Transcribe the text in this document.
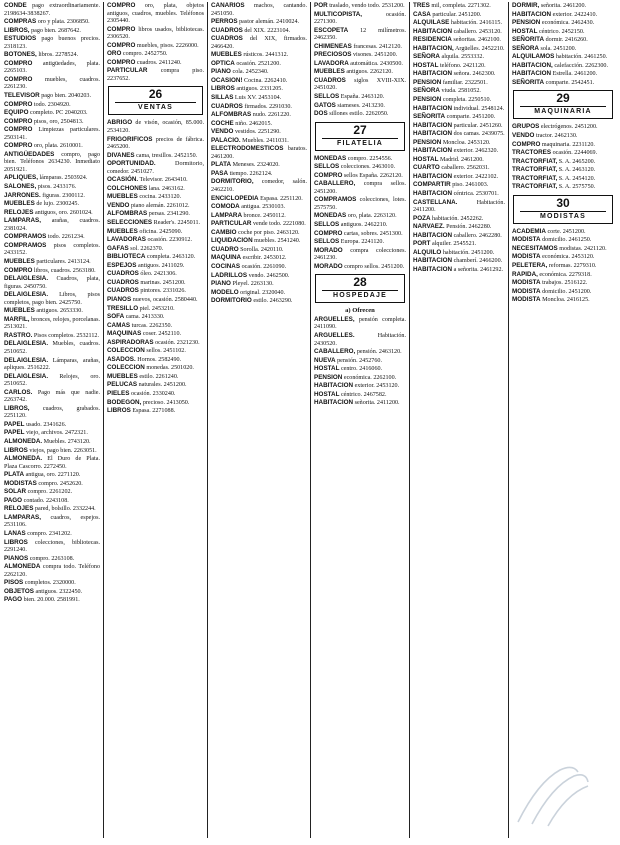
CONDE pago extraordinariamente. 2198634-3838267.

COMPRAS oro y plata. 2306850.

LIBROS, pago bien. 2687642.

ESTUDIOS pago buenos precios. 2318123.

BOTONES, libros. 2278524.

COMPRO antigüedades, plata. 2265103.

COMPRO muebles, cuadros. 2261230.

TELEVISOR pago bien. 2040203.

COMPRO todo. 2304920.

EQUIPO completo. PC 2040203.

COMPRO pisos, oro, 2504813.

COMPRO Limpiezas particulares. 2503141.

COMPRO oro, plata. 2610001.

ANTIGÜEDADES compro, pago bien. Teléfonos 2634230. Inmediato 2051921.

APLIQUES, lámparas. 2503924.

SALONES, pisos. 2433176.

JARRONES. figuras. 2300112.

MUEBLES de lujo. 2300245.

RELOJES antiguos, oro. 2601024.

LAMPARAS, arañas, cuadros. 2381024.

COMPRAMOS todo. 2261234.

COMPRAMOS pisos completos. 2433152.

MUEBLES particulares. 2413124.

COMPRO libros, cuadros. 2563180.

DELAIGLESIA. Cuadros, plata, figuras. 2450750.

DELAIGLESIA. Libros, pisos completos, pago bien. 2425750.

MUEBLES antiguos. 2653330.

MARFIL, bronces, relojes, porcelanas. 2513021.

RASTRO. Pisos completos. 2532112.

DELAIGLESIA. Muebles, cuadros. 2510652.

DELAIGLESIA. Lámparas, arañas, apliques. 2516222.

DELAIGLESIA. Relojes, oro. 2510652.

CARLOS. Pago más que nadie. 2263742.

LIBROS, cuadros, grabados. 2251120.

PAPEL usado. 2341626.

PAPEL viejo, archivos. 2472321.

ALMONEDA. Muebles. 2743120.

LIBROS viejos, pago bien. 2263051.

ALMONEDA. El Duro de Plata. Plaza Cascorro. 2272450.

PLATA antigua, oro. 2271120.

MODISTAS compro. 2452620.

SOLAR compro. 2261202.

PAGO contado. 2243108.

RELOJES pared, bolsillo. 2332244.

LAMPARAS, cuadros, espejos. 2531106.

LANAS compro. 2341202.

LIBROS colecciones, bibliotecas. 2291240.

PIANOS compro. 2263108.

ALMONEDA compra todo. Teléfono 2262120.

PISOS completos. 2320000.

OBJETOS antiguos. 2322450.

PAGO bien. 20.000. 2581991.

COMPRO oro, plata, objetos antiguos, cuadros, muebles. Teléfonos 2305440.

COMPRO libros usados, bibliotecas. 2306520.

COMPRO muebles, pisos. 2226000.

ORO compro. 2452750.

COMPRO cuadros. 2411240.

PARTICULAR compra piso. 2237652.

26
VENTAS

ABRIGO de visón, ocasión, 85.000. 2534120.

FRIGORIFICOS precios de fábrica. 2465200.

DIVANES cama, tresillos. 2452150.

OPORTUNIDAD.	Dormitorio, comedor. 2451027.

OCASIÓN. Televisor. 2643410.

COLCHONES lana. 2463162.

MUEBLES cocina. 2433120.

VENDO piano alemán. 2261012.

ALFOMBRAS persas. 2341290.

SELECCIONES Reader's. 2245011.

MUEBLES oficina. 2425090.

LAVADORAS ocasión. 2230912.

GAFAS sol. 2262370.

BIBLIOTECA completa. 2463120.

ESPEJOS antiguos. 2411029.

CUADROS óleo. 2421306.

CUADROS marinas. 2451200.

CUADROS pintores. 2331026.

PIANOS nuevos, ocasión. 2580440.

TRESILLO piel. 2453210.

SOFA cama. 2413330.

CAMAS turcas. 2262350.

MAQUINAS coser. 2452110.

ASPIRADORAS ocasión. 2321230.

COLECCION sellos. 2451102.

ASADOS. Hornos. 2582490.

COLECCION monedas. 2501020.

MUEBLES estilo. 2261240.

PELUCAS naturales. 2451200.

PIELES ocasión. 2330240.

BODEGON, precioso. 2413050.

LIBROS Espasa. 2271088.

CANARIOS machos, cantando. 2451050.

PERROS pastor alemán. 2410024.

CUADROS del XIX. 2223104.

CUADROS del XIX, firmados. 2466420.

MUEBLES rústicos. 2441312.

OPTICA ocasión. 2521200.

PIANO cola. 2452340.

OCASION! Cocina. 2262410.

LIBROS antiguos. 2331205.

SILLAS Luis XV. 2453104.

CUADROS firmados. 2291030.

ALFOMBRAS nudo. 2261220.

COCHE niño. 2462015.

VENDO vestidos. 2251290.

PALACIO. Muebles. 2411031.

ELECTRODOMESTICOS baratos. 2461200.

PLATA Meneses. 2324020.

PASA tiempo. 2262124.

DORMITORIO, comedor, salón. 2462210.

ENCICLOPEDIA Espasa. 2251120.

COMODA antigua. 2530103.

LAMPARA bronce. 2450112.

PARTICULAR vende todo. 2221080.

CAMBIO coche por piso. 2463120.

LIQUIDACION muebles. 2541240.

CUADRO Sorolla. 2420110.

MAQUINA escribir. 2453012.

COCINAS ocasión. 2261090.

LADRILLOS vendo. 2462500.

PIANO Pleyel. 2263130.

MODELO original. 2320040.

DORMITORIO estilo. 2463290.

POR traslado, vendo todo. 2531200.

MULTICOPISTA,	ocasión. 2271300.

ESCOPETA 12 milímetros. 2462350.

CHIMENEAS francesas. 2412120.

PRECIOSOS visones. 2451200.

LAVADORA automática. 2430500.

MUEBLES antiguos. 2262120.

CUADROS siglos XVIII-XIX. 2451020.

SELLOS España. 2463120.

GATOS siameses. 2413230.

DOS sillones estilo. 2262050.

27
FILATELIA

MONEDAS compro. 2254556.

SELLOS colecciones. 2463010.

COMPRO sellos España. 2262120.

CABALLERO, compra sellos. 2451200.

COMPRAMOS colecciones, lotes. 2575750.

MONEDAS oro, plata. 2263120.

SELLOS antiguos. 2462210.

COMPRO cartas, sobres. 2451300.

SELLOS Europa. 2241120.

MORADO compra colecciones. 2461230.

MORADO compro sellos. 2451200.

28
HOSPEDAJE
a) Ofrecen

ARGUELLES, pensión completa. 2411090.

ARGUELLES.	Habitación. 2430520.

CABALLERO, pensión. 2463120.

NUEVA pensión. 2452760.

HOSTAL centro. 2416060.

PENSION económica. 2262100.

HABITACION exterior. 2453120.

HOSTAL céntrico. 2467582.

HABITACION señorita. 2411200.

TRES mil, completa. 2271302.

CASA particular. 2451200.

ALQUILASE habitación. 2416115.

HABITACION caballero. 2453120.

RESIDENCIA señoritas. 2462100.

HABITACION, Argüelles. 2452210.

SEÑORA alquila. 2553332.

HOSTAL teléfono. 2421120.

HABITACION señora. 2462300.

PENSION familiar. 2322501.

SEÑORA viuda. 2581052.

PENSION completa. 2250510.

HABITACION individual. 2548124.

SEÑORITA comparte. 2451200.

HABITACION particular. 2451260.

HABITACION dos camas. 2439075.

PENSION Moncloa. 2453120.

HABITACION exterior. 2462320.

HOSTAL Madrid. 2461200.

CUARTO caballero. 2562031.

HABITACION exterior. 2422102.

COMPARTIR piso. 2461003.

HABITACION céntrica. 2530701.

CASTELLANA.	Habitación. 2411200.

POZA habitación. 2452262.

NARVAEZ. Pensión. 2462280.

HABITACION caballero. 2462280.

PORT alquiler. 2545521.

ALQUILO habitación. 2451200.

HABITACION chamberí. 2466200.

HABITACION a señorita. 2461292.

DORMIR, señorita. 2461200.

HABITACION exterior. 2422410.

PENSION económica. 2462430.

HOSTAL céntrico. 2452150.

SEÑORITA dormir. 2416260.

SEÑORA sola. 2451200.

ALQUILAMOS habitación. 2461250.

HABITACION, calefacción. 2262300.

HABITACION Estrella. 2461200.

SEÑORITA comparte. 2542451.

29
MAQUINARIA

GRUPOS electrógenos. 2451200.

VENDO tractor. 2462130.

COMPRO maquinaria. 2231120.

TRACTORES ocasión. 2244069.

TRACTORFIAT, S. A. 2465200.

TRACTORFIAT, S. A. 2463120.

TRACTORFIAT, S. A. 2454120.

TRACTORFIAT, S. A. 2575750.

30
MODISTAS

ACADEMIA corte. 2451200.

MODISTA domicilio. 2461250.

NECESITAMOS modistas. 2421120.

MODISTA económica. 2453120.

PELETERA, reformas. 2279310.

RAPIDA, económica. 2279318.

MODISTA trabajos. 2516122.

MODISTA domicilio. 2451200.

MODISTA Moncloa. 2416125.
